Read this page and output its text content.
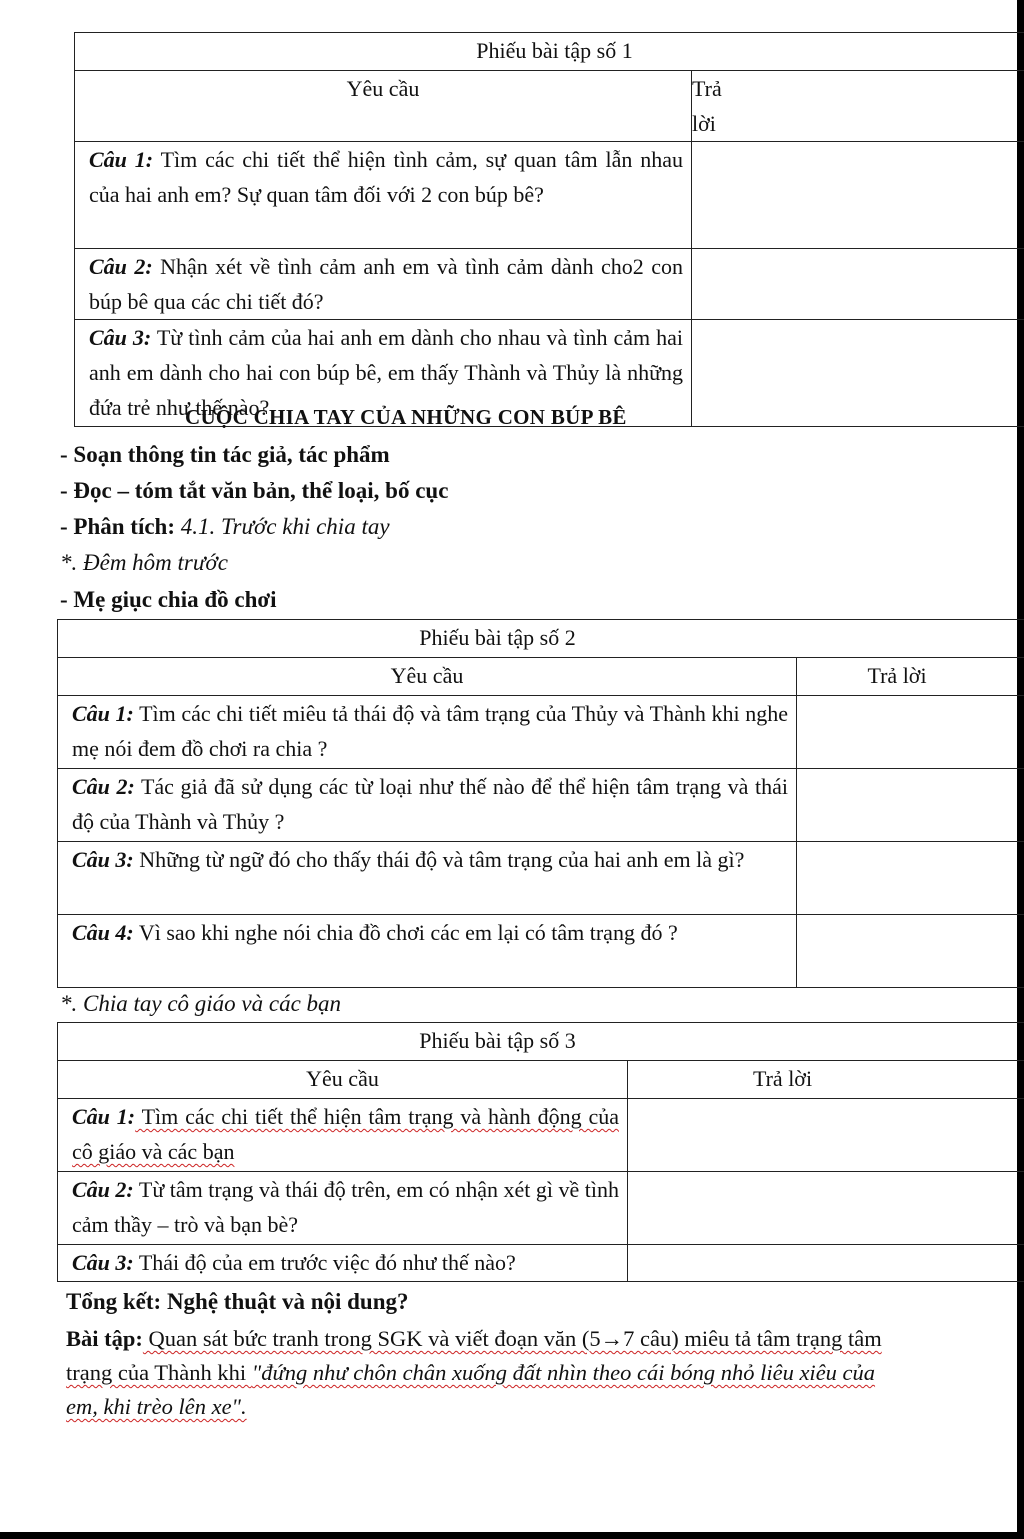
Phiếu bài tập số 1	
Yêu cầu	Trả lời
Câu 1: Tìm các chi tiết thể hiện tình cảm, sự quan tâm lẫn nhau của hai anh em? Sự quan tâm đối với 2 con búp bê?	
Câu 2: Nhận xét về tình cảm anh em và tình cảm dành cho2 con búp bê qua các chi tiết đó?	
Câu 3: Từ tình cảm của hai anh em dành cho nhau và tình cảm hai anh em dành cho hai con búp bê, em thấy Thành và Thủy là những đứa trẻ như thế nào?	
CUỘC CHIA TAY CỦA NHỮNG CON BÚP BÊ
- Soạn thông tin tác giả, tác phẩm
- Đọc – tóm tắt văn bản, thể loại, bố cục
- Phân tích: 4.1. Trước khi chia tay
*. Đêm hôm trước
- Mẹ giục chia đồ chơi
Phiếu bài tập số 2	
Yêu cầu	Trả lời
Câu 1: Tìm các chi tiết miêu tả thái độ và tâm trạng của Thủy và Thành khi nghe mẹ nói đem đồ chơi ra chia ?	
Câu 2: Tác giả đã sử dụng các từ loại như thế nào để thể hiện tâm trạng và thái độ của Thành và Thủy ?	
Câu 3: Những từ ngữ đó cho thấy thái độ và tâm trạng của hai anh em là gì?	
Câu 4: Vì sao khi nghe nói chia đồ chơi các em lại có tâm trạng đó ?	
*. Chia tay cô giáo và các bạn
Phiếu bài tập số 3	
Yêu cầu	Trả lời
Câu 1: Tìm các chi tiết thể hiện tâm trạng và hành động của cô giáo và các bạn	
Câu 2: Từ tâm trạng và thái độ trên, em có nhận xét gì về tình cảm thầy – trò và bạn bè?	
Câu 3: Thái độ của em trước việc đó như thế nào?	
Tổng kết: Nghệ thuật và nội dung?
Bài tập: Quan sát bức tranh trong SGK và viết đoạn văn (5→7 câu) miêu tả tâm trạng tâm trạng của Thành khi "đứng như chôn chân xuống đất nhìn theo cái bóng nhỏ liêu xiêu của em, khi trèo lên xe".
